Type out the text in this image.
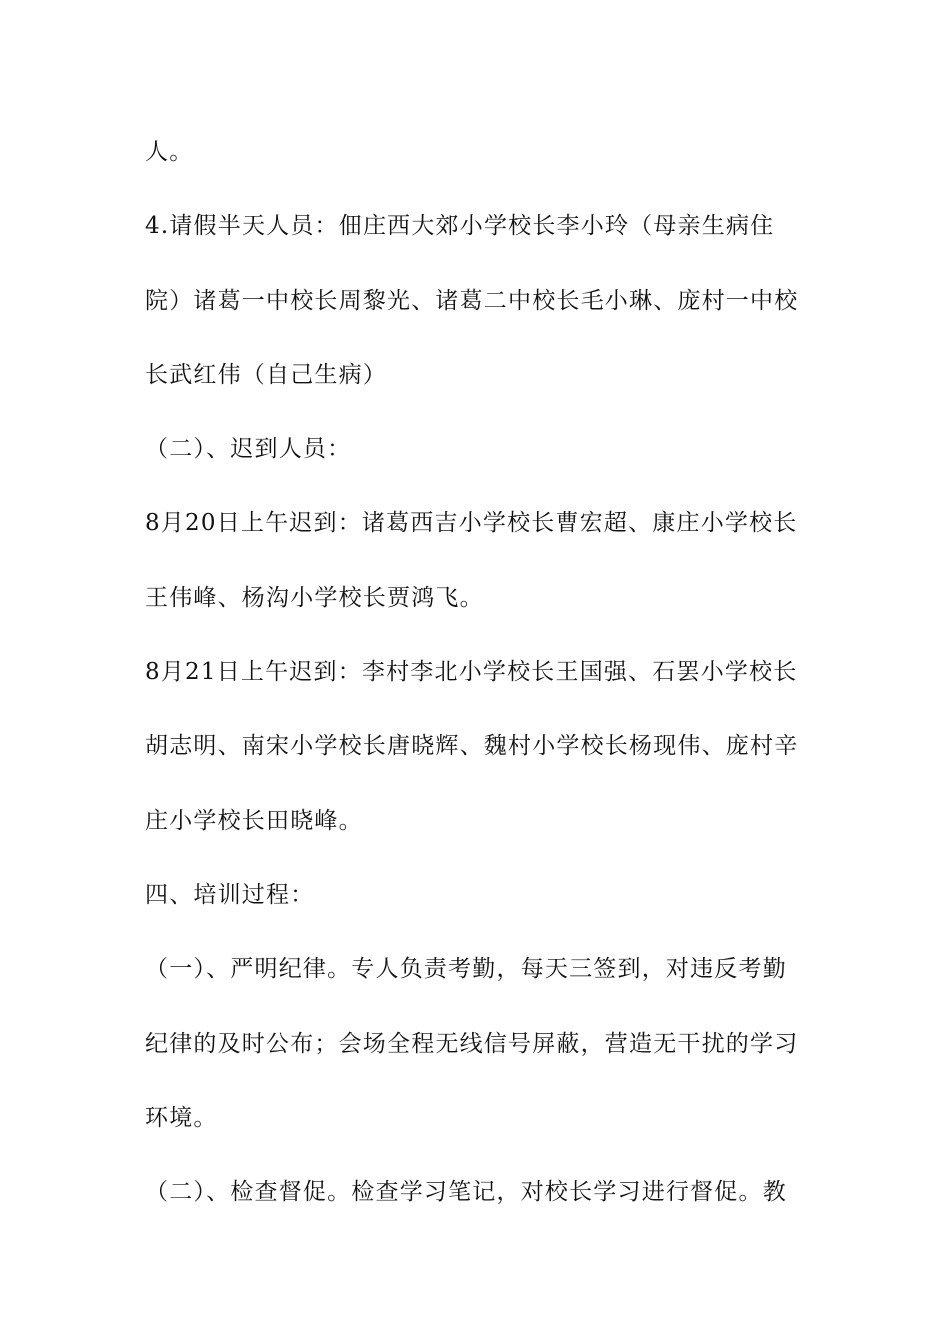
人。
4.请假半天人员：佃庄西大郊小学校长李小玲（母亲生病住
院）诸葛一中校长周黎光、诸葛二中校长毛小琳、庞村一中校
长武红伟（自己生病）
（二）、迟到人员：
8月20日上午迟到：诸葛西吉小学校长曹宏超、康庄小学校长
王伟峰、杨沟小学校长贾鸿飞。
8月21日上午迟到：李村李北小学校长王国强、石罢小学校长
胡志明、南宋小学校长唐晓辉、魏村小学校长杨现伟、庞村辛
庄小学校长田晓峰。
四、培训过程：
（一）、严明纪律。专人负责考勤，每天三签到，对违反考勤
纪律的及时公布；会场全程无线信号屏蔽，营造无干扰的学习
环境。
（二）、检查督促。检查学习笔记，对校长学习进行督促。教
